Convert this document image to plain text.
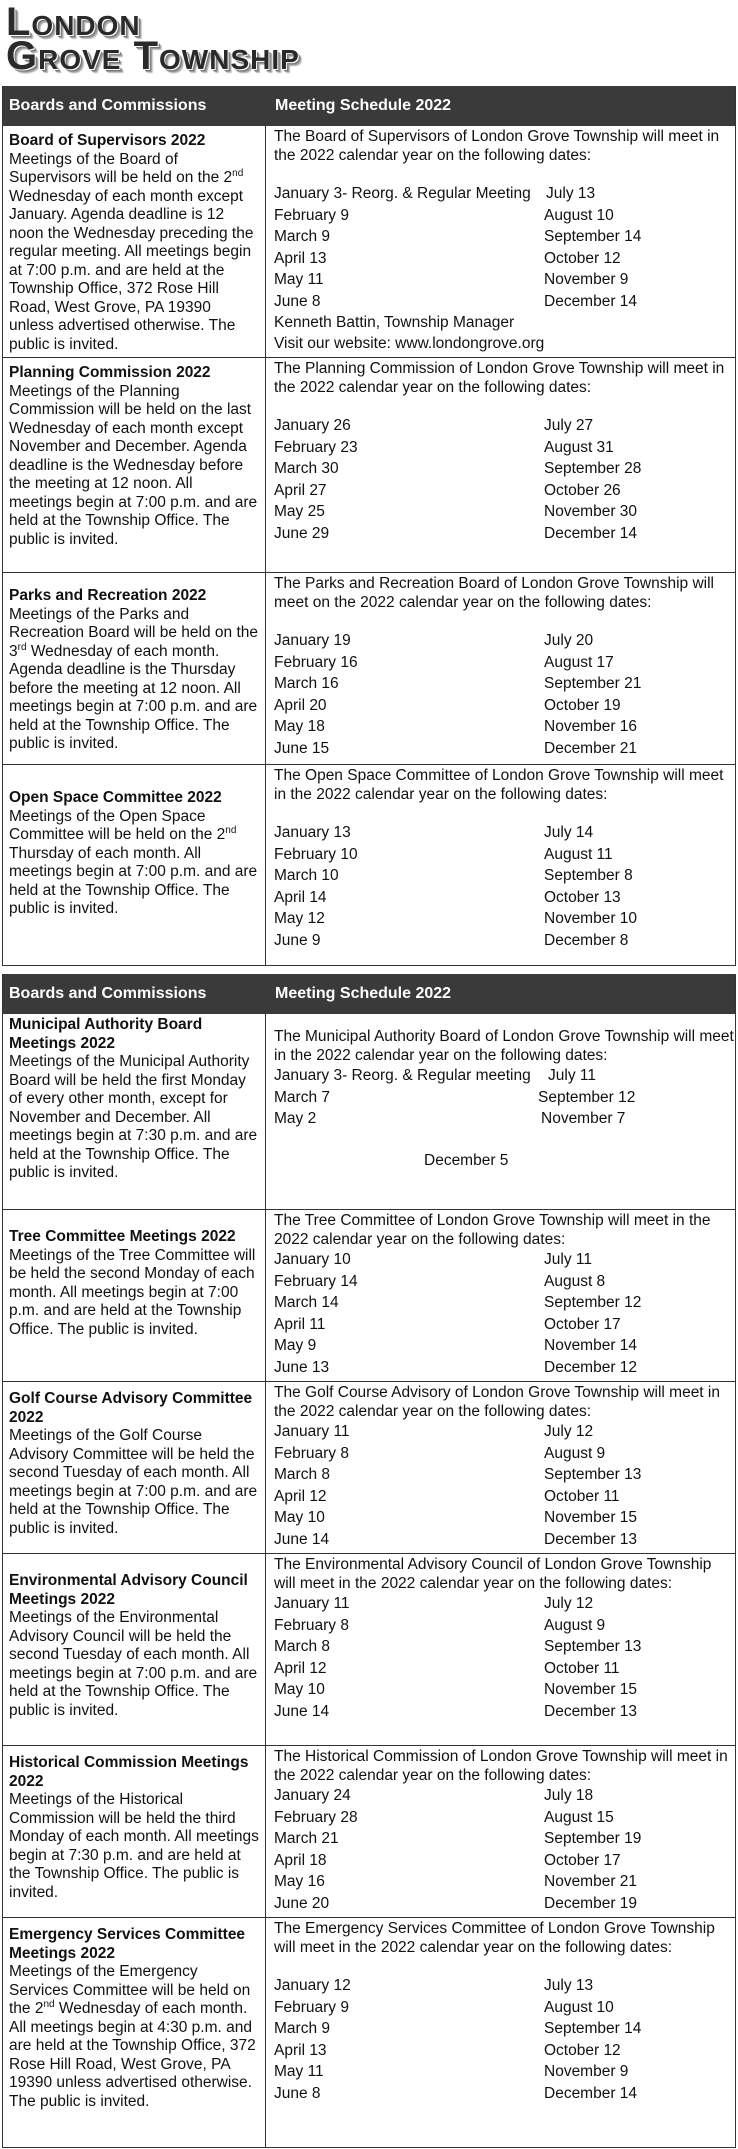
London
Grove Township
Boards and Commissions	Meeting Schedule 2022
Board of Supervisors 2022
Meetings of the Board of Supervisors will be held on the 2nd Wednesday of each month except January. Agenda deadline is 12 noon the Wednesday preceding the regular meeting. All meetings begin at 7:00 p.m. and are held at the Township Office, 372 Rose Hill Road, West Grove, PA 19390 unless advertised otherwise. The public is invited.
The Board of Supervisors of London Grove Township will meet in the 2022 calendar year on the following dates:
January 3- Reorg. & Regular Meeting July 13
February 9	August 10
March 9	September 14
April 13	October 12
May 11	November 9
June 8	December 14
Kenneth Battin, Township Manager
Visit our website: www.londongrove.org
Planning Commission 2022
Meetings of the Planning Commission will be held on the last Wednesday of each month except November and December. Agenda deadline is the Wednesday before the meeting at 12 noon. All meetings begin at 7:00 p.m. and are held at the Township Office. The public is invited.
The Planning Commission of London Grove Township will meet in the 2022 calendar year on the following dates:
January 26	July 27
February 23	August 31
March 30	September 28
April 27	October 26
May 25	November 30
June 29	December 14
Parks and Recreation 2022
Meetings of the Parks and Recreation Board will be held on the 3rd Wednesday of each month. Agenda deadline is the Thursday before the meeting at 12 noon. All meetings begin at 7:00 p.m. and are held at the Township Office. The public is invited.
The Parks and Recreation Board of London Grove Township will meet on the 2022 calendar year on the following dates:
January 19	July 20
February 16	August 17
March 16	September 21
April 20	October 19
May 18	November 16
June 15	December 21
Open Space Committee 2022
Meetings of the Open Space Committee will be held on the 2nd Thursday of each month. All meetings begin at 7:00 p.m. and are held at the Township Office. The public is invited.
The Open Space Committee of London Grove Township will meet in the 2022 calendar year on the following dates:
January 13	July 14
February 10	August 11
March 10	September 8
April 14	October 13
May 12	November 10
June 9	December 8
Boards and Commissions	Meeting Schedule 2022
Municipal Authority Board Meetings 2022
Meetings of the Municipal Authority Board will be held the first Monday of every other month, except for November and December. All meetings begin at 7:30 p.m. and are held at the Township Office. The public is invited.
The Municipal Authority Board of London Grove Township will meet in the 2022 calendar year on the following dates:
January 3- Reorg. & Regular meeting	July 11
March 7	September 12
May 2	November 7
December 5
Tree Committee Meetings 2022
Meetings of the Tree Committee will be held the second Monday of each month. All meetings begin at 7:00 p.m. and are held at the Township Office. The public is invited.
The Tree Committee of London Grove Township will meet in the 2022 calendar year on the following dates:
January 10	July 11
February 14	August 8
March 14	September 12
April 11	October 17
May 9	November 14
June 13	December 12
Golf Course Advisory Committee 2022
Meetings of the Golf Course Advisory Committee will be held the second Tuesday of each month. All meetings begin at 7:00 p.m. and are held at the Township Office. The public is invited.
The Golf Course Advisory of London Grove Township will meet in the 2022 calendar year on the following dates:
January 11	July 12
February 8	August 9
March 8	September 13
April 12	October 11
May 10	November 15
June 14	December 13
Environmental Advisory Council Meetings 2022
Meetings of the Environmental Advisory Council will be held the second Tuesday of each month. All meetings begin at 7:00 p.m. and are held at the Township Office. The public is invited.
The Environmental Advisory Council of London Grove Township will meet in the 2022 calendar year on the following dates:
January 11	July 12
February 8	August 9
March 8	September 13
April 12	October 11
May 10	November 15
June 14	December 13
Historical Commission Meetings 2022
Meetings of the Historical Commission will be held the third Monday of each month. All meetings begin at 7:30 p.m. and are held at the Township Office. The public is invited.
The Historical Commission of London Grove Township will meet in the 2022 calendar year on the following dates:
January 24	July 18
February 28	August 15
March 21	September 19
April 18	October 17
May 16	November 21
June 20	December 19
Emergency Services Committee Meetings 2022
Meetings of the Emergency Services Committee will be held on the 2nd Wednesday of each month. All meetings begin at 4:30 p.m. and are held at the Township Office, 372 Rose Hill Road, West Grove, PA 19390 unless advertised otherwise. The public is invited.
The Emergency Services Committee of London Grove Township will meet in the 2022 calendar year on the following dates:
January 12	July 13
February 9	August 10
March 9	September 14
April 13	October 12
May 11	November 9
June 8	December 14
